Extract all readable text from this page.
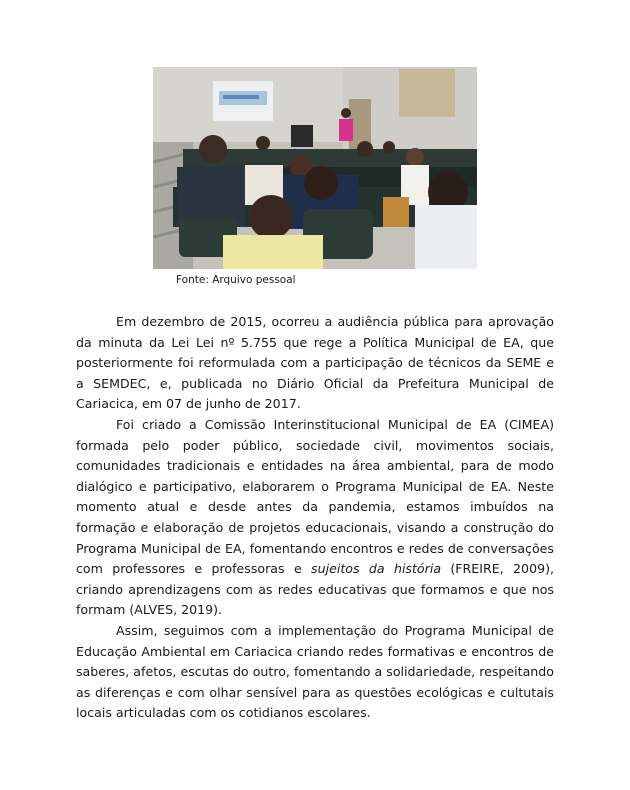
Fonte: Arquivo pessoal

Em dezembro de 2015, ocorreu a audiência pública para aprovação da minuta da Lei Lei nº 5.755 que rege a Política Municipal de EA, que posteriormente foi reformulada com a participação de técnicos da SEME e a SEMDEC, e, publicada no Diário Oficial da Prefeitura Municipal de Cariacica, em 07 de junho de 2017.

Foi criado a Comissão Interinstitucional Municipal de EA (CIMEA) formada pelo poder público, sociedade civil, movimentos sociais, comunidades tradicionais e entidades na área ambiental, para de modo dialógico e participativo, elaborarem o Programa Municipal de EA. Neste momento atual e desde antes da pandemia, estamos imbuídos na formação e elaboração de projetos educacionais, visando a construção do Programa Municipal de EA, fomentando encontros e redes de conversações com professores e professoras e sujeitos da história (FREIRE, 2009), criando aprendizagens com as redes educativas que formamos e que nos formam (ALVES, 2019).

Assim, seguimos com a implementação do Programa Municipal de Educação Ambiental em Cariacica criando redes formativas e encontros de saberes, afetos, escutas do outro, fomentando a solidariedade, respeitando as diferenças e com olhar sensível para as questões ecológicas e cultutais locais articuladas com os cotidianos escolares.
